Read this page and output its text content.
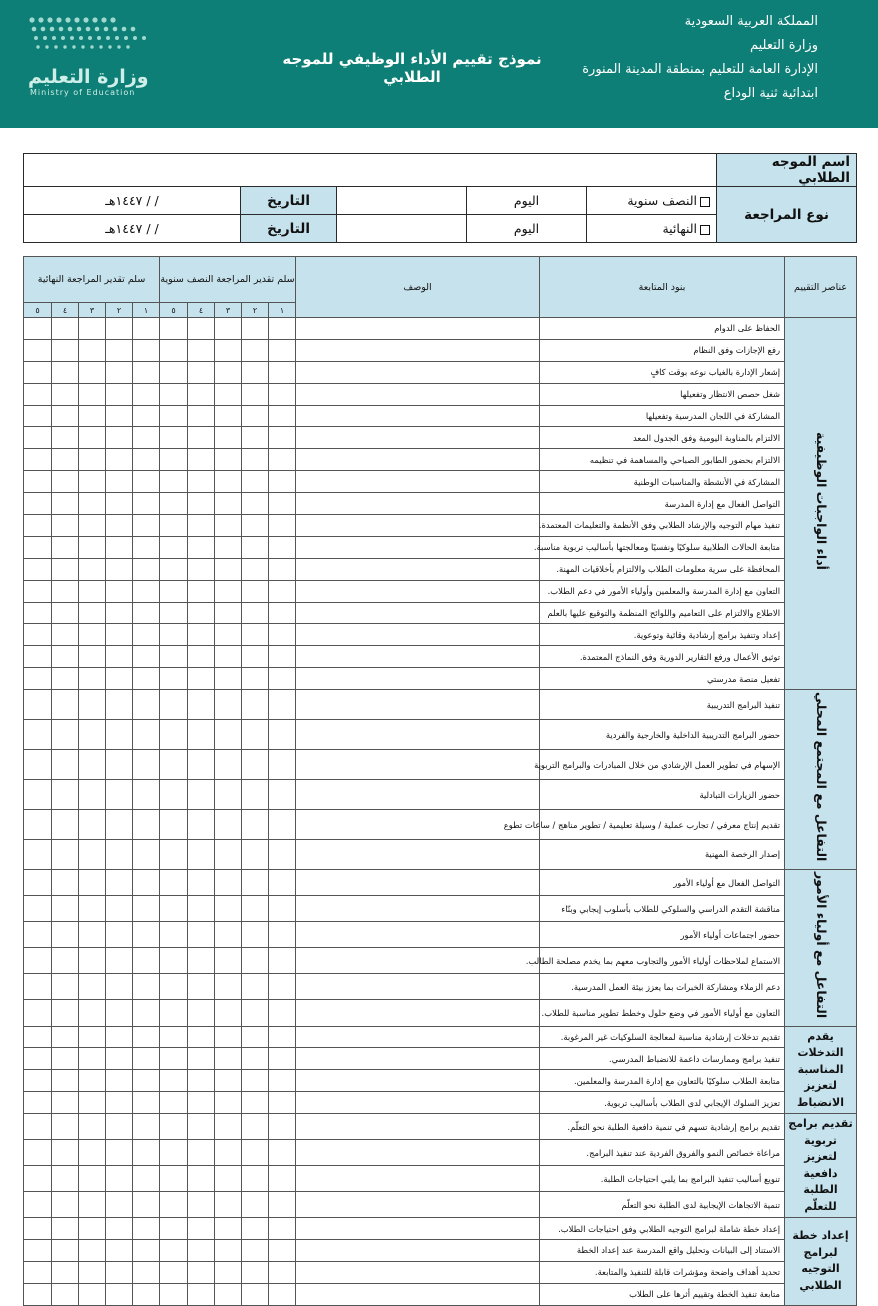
وزارة التعليم
Ministry of Education
نموذج تقييم الأداء الوظيفي للموجه الطلابي
المملكة العربية السعودية
وزارة التعليم
الإدارة العامة للتعليم بمنطقة المدينة المنورة
ابتدائية ثنية الوداع
اسم الموجه الطلابي					
نوع المراجعة	النصف سنوية	اليوم		التاريخ	/ / ١٤٤٧هـ
	النهائية	اليوم		التاريخ	/ / ١٤٤٧هـ
عناصر التقييم	بنود المتابعة	الوصف	سلم تقدير المراجعة النصف سنوية					سلم تقدير المراجعة النهائية				
			١	٢	٣	٤	٥	١	٢	٣	٤	٥
أداء الواجبات الوظيفية	الحفاظ على الدوام											
	رفع الإجازات وفق النظام											
	إشعار الإدارة بالغياب نوعه بوقت كافٍ											
	شغل حصص الانتظار وتفعيلها											
	المشاركة في اللجان المدرسية وتفعيلها											
	الالتزام بالمناوبة اليومية وفق الجدول المعد											
	الالتزام بحضور الطابور الصباحي والمساهمة في تنظيمه											
	المشاركة في الأنشطة والمناسبات الوطنية											
	التواصل الفعال مع إدارة المدرسة											
	تنفيذ مهام التوجيه والإرشاد الطلابي وفق الأنظمة والتعليمات المعتمدة.											
	متابعة الحالات الطلابية سلوكيًا ونفسيًا ومعالجتها بأساليب تربوية مناسبة.											
	المحافظة على سرية معلومات الطلاب والالتزام بأخلاقيات المهنة.											
	التعاون مع إدارة المدرسة والمعلمين وأولياء الأمور في دعم الطلاب.											
	الاطلاع والالتزام على التعاميم واللوائح المنظمة والتوقيع عليها بالعلم											
	إعداد وتنفيذ برامج إرشادية وقائية وتوعوية.											
	توثيق الأعمال ورفع التقارير الدورية وفق النماذج المعتمدة.											
	تفعيل منصة مدرستي											
التفاعل مع المجتمع المحلي	تنفيذ البرامج التدريبية											
	حضور البرامج التدريبية الداخلية والخارجية والفردية											
	الإسهام في تطوير العمل الإرشادي من خلال المبادرات والبرامج التربوية											
	حضور الزيارات التبادلية											
	تقديم إنتاج معرفي / تجارب عملية / وسيلة تعليمية / تطوير مناهج / ساعات تطوع											
	إصدار الرخصة المهنية											
التفاعل مع أولياء الأمور	التواصل الفعال مع أولياء الأمور											
	مناقشة التقدم الدراسي والسلوكي للطلاب بأسلوب إيجابي وبنّاء											
	حضور اجتماعات أولياء الأمور											
	الاستماع لملاحظات أولياء الأمور والتجاوب معهم بما يخدم مصلحة الطالب.											
	دعم الزملاء ومشاركة الخبرات بما يعزز بيئة العمل المدرسية.											
	التعاون مع أولياء الأمور في وضع حلول وخطط تطوير مناسبة للطلاب.											
يقدم التدخلات المناسبة لتعزيز الانضباط	تقديم تدخلات إرشادية مناسبة لمعالجة السلوكيات غير المرغوبة.											
	تنفيذ برامج وممارسات داعمة للانضباط المدرسي.											
	متابعة الطلاب سلوكيًا بالتعاون مع إدارة المدرسة والمعلمين.											
	تعزيز السلوك الإيجابي لدى الطلاب بأساليب تربوية.											
تقديم برامج تربوية لتعزيز دافعية الطلبة للتعلّم	تقديم برامج إرشادية تسهم في تنمية دافعية الطلبة نحو التعلّم.											
	مراعاة خصائص النمو والفروق الفردية عند تنفيذ البرامج.											
	تنويع أساليب تنفيذ البرامج بما يلبي احتياجات الطلبة.											
	تنمية الاتجاهات الإيجابية لدى الطلبة نحو التعلّم											
إعداد خطة لبرامج التوجيه الطلابي	إعداد خطة شاملة لبرامج التوجيه الطلابي وفق احتياجات الطلاب.											
	الاستناد إلى البيانات وتحليل واقع المدرسة عند إعداد الخطة											
	تحديد أهداف واضحة ومؤشرات قابلة للتنفيذ والمتابعة.											
	متابعة تنفيذ الخطة وتقييم أثرها على الطلاب											
